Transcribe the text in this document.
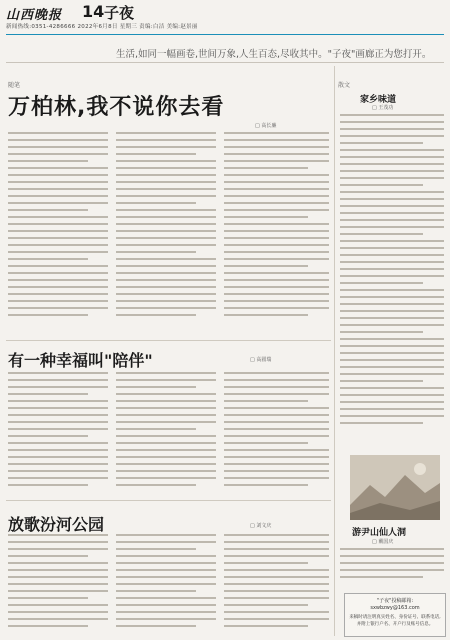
山西晚报 14 子夜
新闻热线:0351-4286666 2022年6月8日 星期三 责编:白洁 美编:赵景丽
生活,如同一幅画卷,世间万象,人生百态,尽收其中。"子夜"画廊正为您打开。
随笔	散文
万柏林,我不说你去看
□ 高长廉
有一种幸福叫"陪伴"	□ 高圆瑞
放歌汾河公园	□ 刘文庆
家乡味道
□ 王茂功
游尹山仙人洞
□ 戴国庆
"子夜"投稿邮箱:
sxwbzwy@163.com
来稿时请注明真实姓名、身份证号、联系电话,并附上银行户名、开户行及账号信息。
